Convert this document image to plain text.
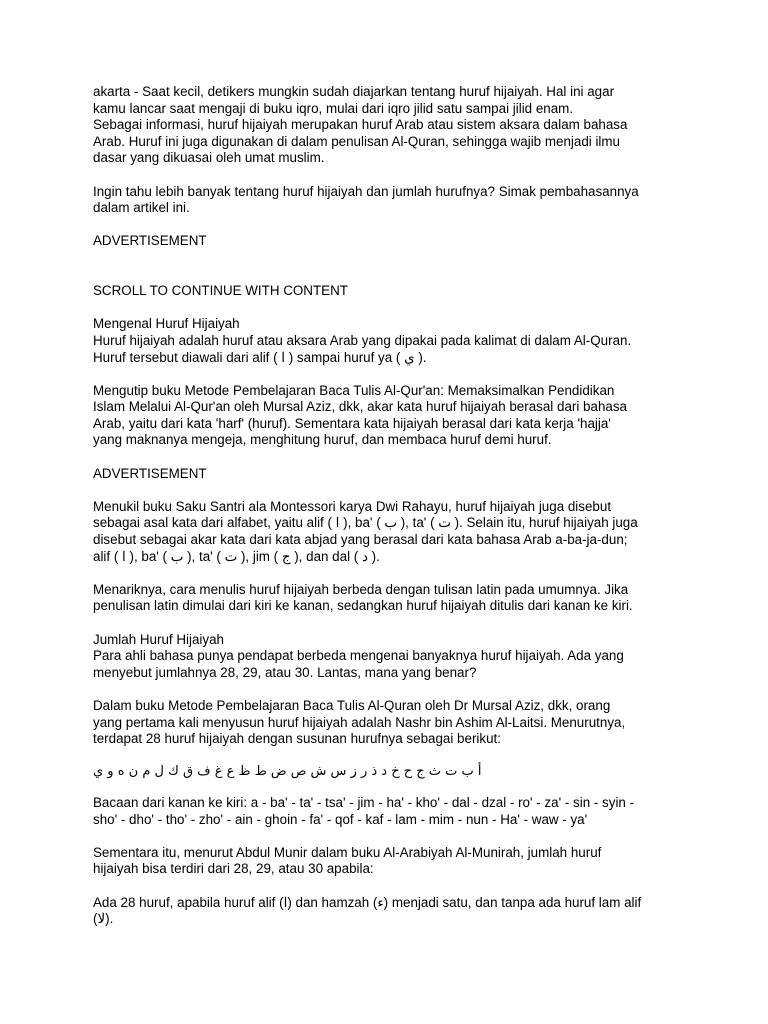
akarta - Saat kecil, detikers mungkin sudah diajarkan tentang huruf hijaiyah. Hal ini agar
kamu lancar saat mengaji di buku iqro, mulai dari iqro jilid satu sampai jilid enam.
Sebagai informasi, huruf hijaiyah merupakan huruf Arab atau sistem aksara dalam bahasa
Arab. Huruf ini juga digunakan di dalam penulisan Al-Quran, sehingga wajib menjadi ilmu
dasar yang dikuasai oleh umat muslim.

Ingin tahu lebih banyak tentang huruf hijaiyah dan jumlah hurufnya? Simak pembahasannya
dalam artikel ini.

ADVERTISEMENT

SCROLL TO CONTINUE WITH CONTENT

Mengenal Huruf Hijaiyah
Huruf hijaiyah adalah huruf atau aksara Arab yang dipakai pada kalimat di dalam Al-Quran.
Huruf tersebut diawali dari alif ( ا ) sampai huruf ya ( ي ).

Mengutip buku Metode Pembelajaran Baca Tulis Al-Qur'an: Memaksimalkan Pendidikan
Islam Melalui Al-Qur'an oleh Mursal Aziz, dkk, akar kata huruf hijaiyah berasal dari bahasa
Arab, yaitu dari kata 'harf' (huruf). Sementara kata hijaiyah berasal dari kata kerja 'hajja'
yang maknanya mengeja, menghitung huruf, dan membaca huruf demi huruf.

ADVERTISEMENT

Menukil buku Saku Santri ala Montessori karya Dwi Rahayu, huruf hijaiyah juga disebut
sebagai asal kata dari alfabet, yaitu alif ( ا ), ba' ( ب ), ta' ( ت ). Selain itu, huruf hijaiyah juga
disebut sebagai akar kata dari kata abjad yang berasal dari kata bahasa Arab a-ba-ja-dun;
alif ( ا ), ba' ( ب ), ta' ( ت ), jim ( ج ), dan dal ( د ).

Menariknya, cara menulis huruf hijaiyah berbeda dengan tulisan latin pada umumnya. Jika
penulisan latin dimulai dari kiri ke kanan, sedangkan huruf hijaiyah ditulis dari kanan ke kiri.

Jumlah Huruf Hijaiyah
Para ahli bahasa punya pendapat berbeda mengenai banyaknya huruf hijaiyah. Ada yang
menyebut jumlahnya 28, 29, atau 30. Lantas, mana yang benar?

Dalam buku Metode Pembelajaran Baca Tulis Al-Quran oleh Dr Mursal Aziz, dkk, orang
yang pertama kali menyusun huruf hijaiyah adalah Nashr bin Ashim Al-Laitsi. Menurutnya,
terdapat 28 huruf hijaiyah dengan susunan hurufnya sebagai berikut:

أ ب ت ث ج ح خ د ذ ر ز س ش ص ض ط ظ ع غ ف ق ك ل م ن ه و ي

Bacaan dari kanan ke kiri: a - ba' - ta' - tsa' - jim - ha' - kho' - dal - dzal - ro' - za' - sin - syin -
sho' - dho' - tho' - zho' - ain - ghoin - fa' - qof - kaf - lam - mim - nun - Ha' - waw - ya'

Sementara itu, menurut Abdul Munir dalam buku Al-Arabiyah Al-Munirah, jumlah huruf
hijaiyah bisa terdiri dari 28, 29, atau 30 apabila:

Ada 28 huruf, apabila huruf alif (ا) dan hamzah (ء) menjadi satu, dan tanpa ada huruf lam alif
(لا).
